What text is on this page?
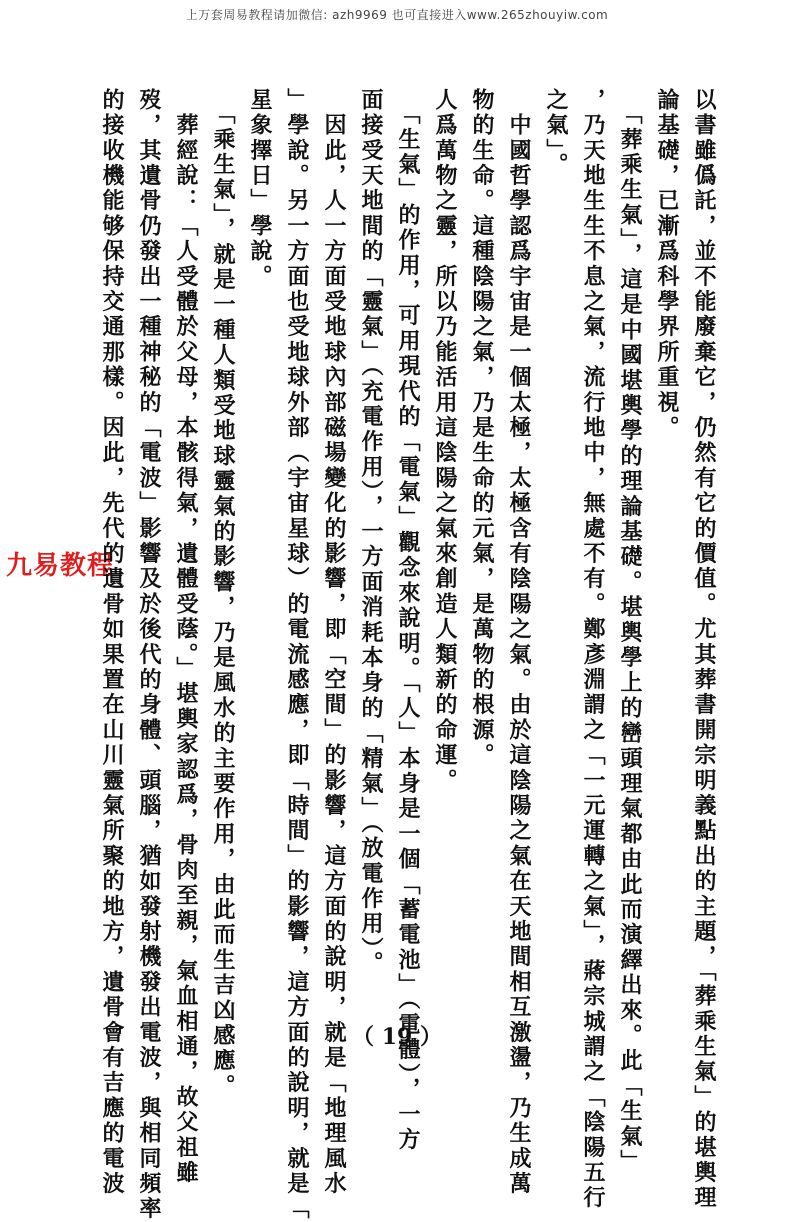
上万套周易教程请加微信: azh9969 也可直接进入www.265zhouyiw.com
九易教程	以書雖僞託，並不能廢棄它，仍然有它的價值。尤其葬書開宗明義點出的主題，「葬乘生氣」的堪輿理
論基礎，已漸爲科學界所重視。
　「葬乘生氣」，這是中國堪輿學的理論基礎。堪輿學上的巒頭理氣都由此而演繹出來。此「生氣」
，乃天地生生不息之氣，流行地中，無處不有。鄭彥淵謂之「一元運轉之氣」，蔣宗城謂之「陰陽五行
之氣」。
　中國哲學認爲宇宙是一個太極，太極含有陰陽之氣。由於這陰陽之氣在天地間相互激盪，乃生成萬
物的生命。這種陰陽之氣，乃是生命的元氣，是萬物的根源。
人爲萬物之靈，所以乃能活用這陰陽之氣來創造人類新的命運。
　「生氣」的作用，可用現代的「電氣」觀念來說明。「人」本身是一個「蓄電池」（電體），一方
面接受天地間的「靈氣」（充電作用），一方面消耗本身的「精氣」（放電作用）。
　因此，人一方面受地球內部磁場變化的影響，即「空間」的影響，這方面的說明，就是「地理風水
」學說。另一方面也受地球外部（宇宙星球）的電流感應，即「時間」的影響，這方面的說明，就是「
星象擇日」學說。
　「乘生氣」，就是一種人類受地球靈氣的影響，乃是風水的主要作用，由此而生吉凶感應。
　葬經說：「人受體於父母，本骸得氣，遺體受蔭。」堪輿家認爲，骨肉至親，氣血相通，故父祖雖
歿，其遺骨仍發出一種神秘的「電波」影響及於後代的身體、頭腦，猶如發射機發出電波，與相同頻率
的接收機能够保持交通那樣。因此，先代的遺骨如果置在山川靈氣所聚的地方，遺骨會有吉應的電波	（ 19 ）
